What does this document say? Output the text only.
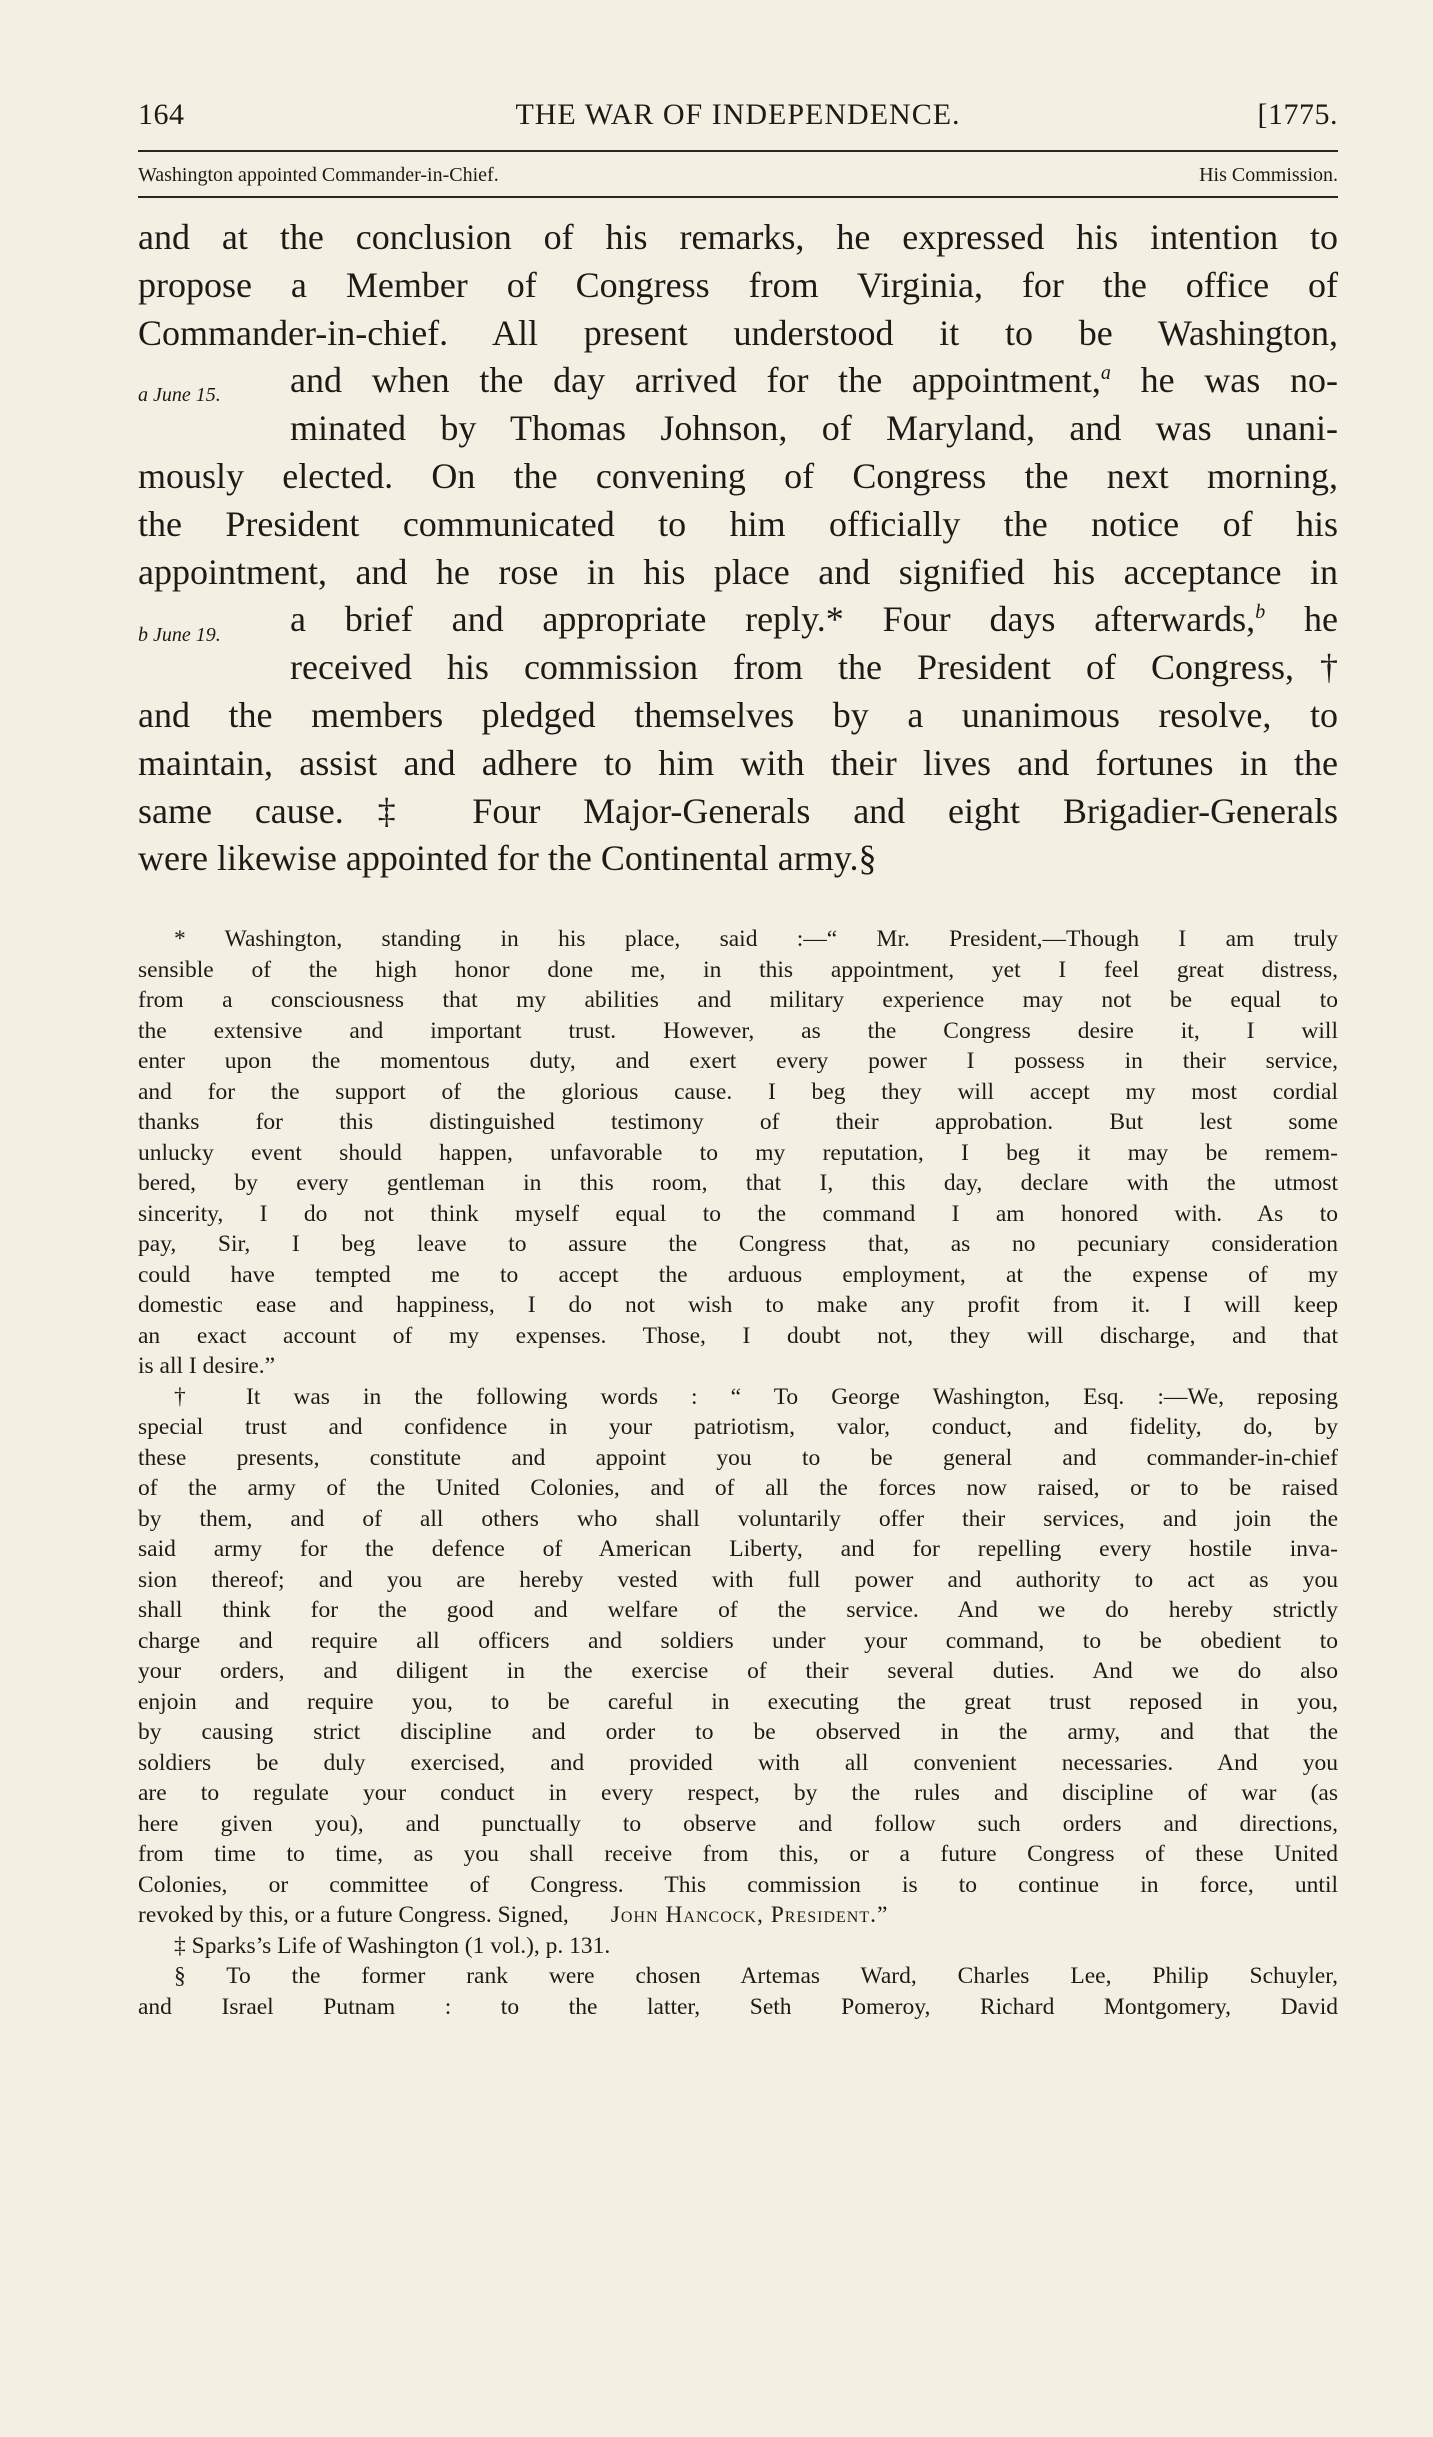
164	THE WAR OF INDEPENDENCE.	[1775.
Washington appointed Commander-in-Chief.	His Commission.
a June 15.
b June 19.
and at the conclusion of his remarks, he expressed his intention to
propose a Member of Congress from Virginia, for the office of
Commander-in-chief. All present understood it to be Washington,
and when the day arrived for the appointment,$^a$ he was no-
minated by Thomas Johnson, of Maryland, and was unani-
mously elected. On the convening of Congress the next morning,
the President communicated to him officially the notice of his
appointment, and he rose in his place and signified his acceptance in
a brief and appropriate reply.* Four days afterwards,$^b$ he
received his commission from the President of Congress,†
and the members pledged themselves by a unanimous resolve, to
maintain, assist and adhere to him with their lives and fortunes in the
same cause.‡ Four Major-Generals and eight Brigadier-Generals
were likewise appointed for the Continental army.§
* Washington, standing in his place, said :—“ Mr. President,—Though I am truly
sensible of the high honor done me, in this appointment, yet I feel great distress,
from a consciousness that my abilities and military experience may not be equal to
the extensive and important trust. However, as the Congress desire it, I will
enter upon the momentous duty, and exert every power I possess in their service,
and for the support of the glorious cause. I beg they will accept my most cordial
thanks for this distinguished testimony of their approbation. But lest some
unlucky event should happen, unfavorable to my reputation, I beg it may be remem-
bered, by every gentleman in this room, that I, this day, declare with the utmost
sincerity, I do not think myself equal to the command I am honored with. As to
pay, Sir, I beg leave to assure the Congress that, as no pecuniary consideration
could have tempted me to accept the arduous employment, at the expense of my
domestic ease and happiness, I do not wish to make any profit from it. I will keep
an exact account of my expenses. Those, I doubt not, they will discharge, and that
is all I desire.”
† It was in the following words : “ To George Washington, Esq. :—We, reposing
special trust and confidence in your patriotism, valor, conduct, and fidelity, do, by
these presents, constitute and appoint you to be general and commander-in-chief
of the army of the United Colonies, and of all the forces now raised, or to be raised
by them, and of all others who shall voluntarily offer their services, and join the
said army for the defence of American Liberty, and for repelling every hostile inva-
sion thereof; and you are hereby vested with full power and authority to act as you
shall think for the good and welfare of the service. And we do hereby strictly
charge and require all officers and soldiers under your command, to be obedient to
your orders, and diligent in the exercise of their several duties. And we do also
enjoin and require you, to be careful in executing the great trust reposed in you,
by causing strict discipline and order to be observed in the army, and that the
soldiers be duly exercised, and provided with all convenient necessaries. And you
are to regulate your conduct in every respect, by the rules and discipline of war (as
here given you), and punctually to observe and follow such orders and directions,
from time to time, as you shall receive from this, or a future Congress of these United
Colonies, or committee of Congress. This commission is to continue in force, until
revoked by this, or a future Congress. Signed, John Hancock, President.”
‡ Sparks’s Life of Washington (1 vol.), p. 131.
§ To the former rank were chosen Artemas Ward, Charles Lee, Philip Schuyler,
and Israel Putnam : to the latter, Seth Pomeroy, Richard Montgomery, David
